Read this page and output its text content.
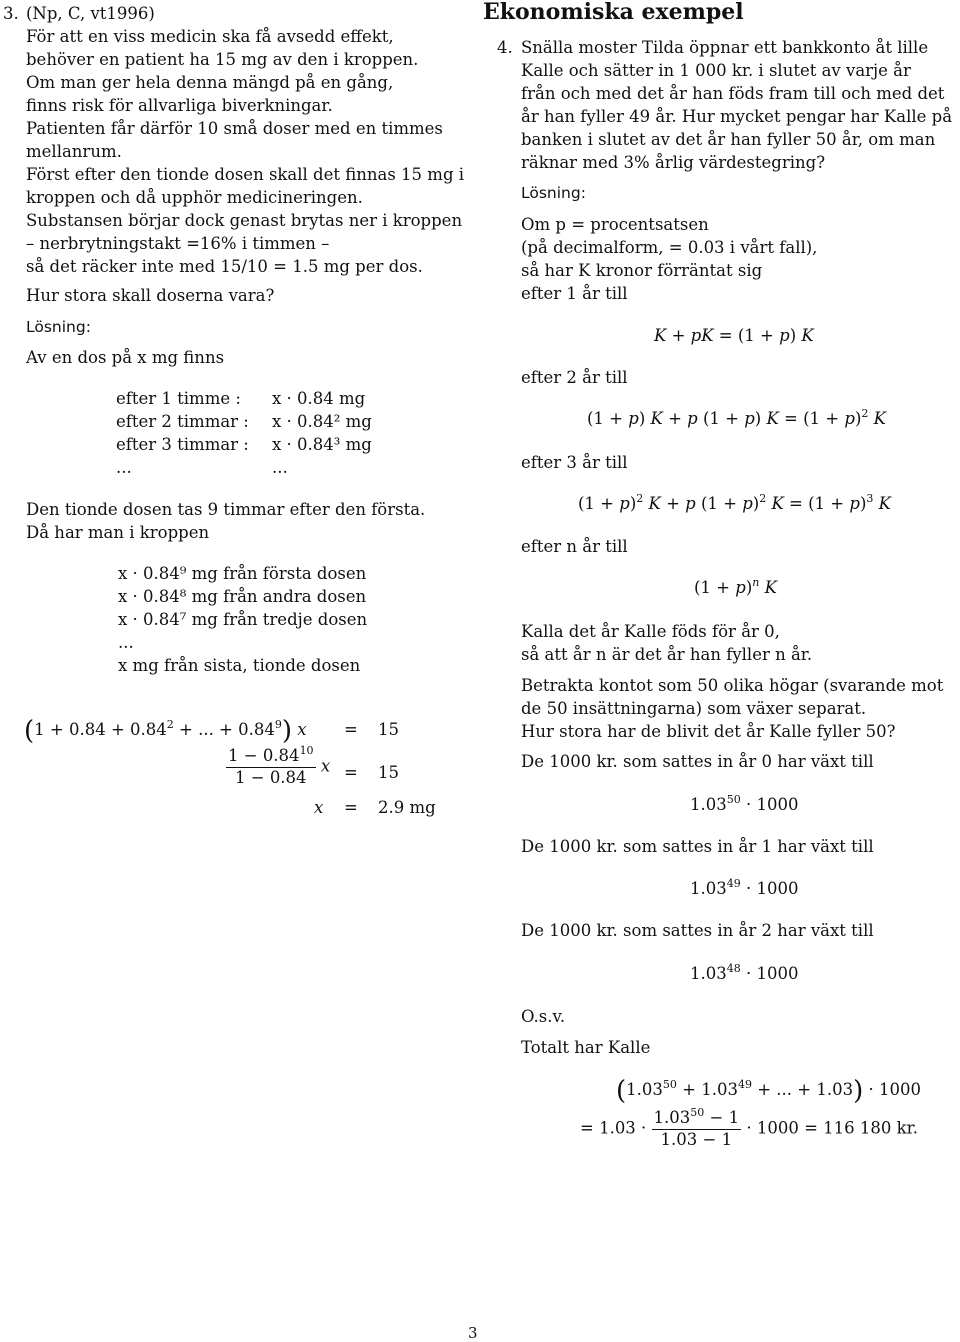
3. (Np, C, vt1996)
För att en viss medicin ska få avsedd effekt,
behöver en patient ha 15 mg av den i kroppen.
Om man ger hela denna mängd på en gång,
finns risk för allvarliga biverkningar.
Patienten får därför 10 små doser med en timmes
mellanrum.
Först efter den tionde dosen skall det finnas 15 mg i
kroppen och då upphör medicineringen.
Substansen börjar dock genast brytas ner i kroppen
– nerbrytningstakt =16% i timmen –
så det räcker inte med 15/10 = 1.5 mg per dos.
Hur stora skall doserna vara?
Lösning:
Av en dos på x mg finns
efter 1 timme : x · 0.84 mg
efter 2 timmar : x · 0.84² mg
efter 3 timmar : x · 0.84³ mg
...	...
Den tionde dosen tas 9 timmar efter den första.
Då har man i kroppen
x · 0.84⁹ mg från första dosen
x · 0.84⁸ mg från andra dosen
x · 0.84⁷ mg från tredje dosen
...
x mg från sista, tionde dosen
($1 + 0.84 + 0.84^2$ + ... + $0.84^9$) x = 15
$\frac{1 - 0.84^{10}}{1 - 0.84}$ x = 15
x = 2.9 mg
Ekonomiska exempel
4. Snälla moster Tilda öppnar ett bankkonto åt lille
Kalle och sätter in 1 000 kr. i slutet av varje år
från och med det år han föds fram till och med det
år han fyller 49 år. Hur mycket pengar har Kalle på
banken i slutet av det år han fyller 50 år, om man
räknar med 3% årlig värdestegring?
Lösning:
Om p = procentsatsen
(på decimalform, = 0.03 i vårt fall),
så har K kronor förräntat sig
efter 1 år till
K + pK = (1 + p) K
efter 2 år till
(1 + p) K + p (1 + p) $K = (1 + p)^2$ K
efter 3 år till
$(1 + p)^2$ K + p $(1 + p)^2$ $K = (1 + p)^3$ K
efter n år till
$(1 + p)^n$ K
Kalla det år Kalle föds för år 0,
så att år n är det år han fyller n år.
Betrakta kontot som 50 olika högar (svarande mot
de 50 insättningarna) som växer separat.
Hur stora har de blivit det år Kalle fyller 50?
De 1000 kr. som sattes in år 0 har växt till
$1.03^{50} \cdot 1000$
De 1000 kr. som sattes in år 1 har växt till
$1.03^{49} \cdot 1000$
De 1000 kr. som sattes in år 2 har växt till
$1.03^{48} \cdot 1000$
O.s.v.
Totalt har Kalle
($1.03^{50} + 1.03^{49}$ + ... + 1.03) · 1000
= $1.03 \cdot \frac{1.03^{50} - 1}{1.03 - 1} \cdot 1000 = 116$ 180 kr.
3
